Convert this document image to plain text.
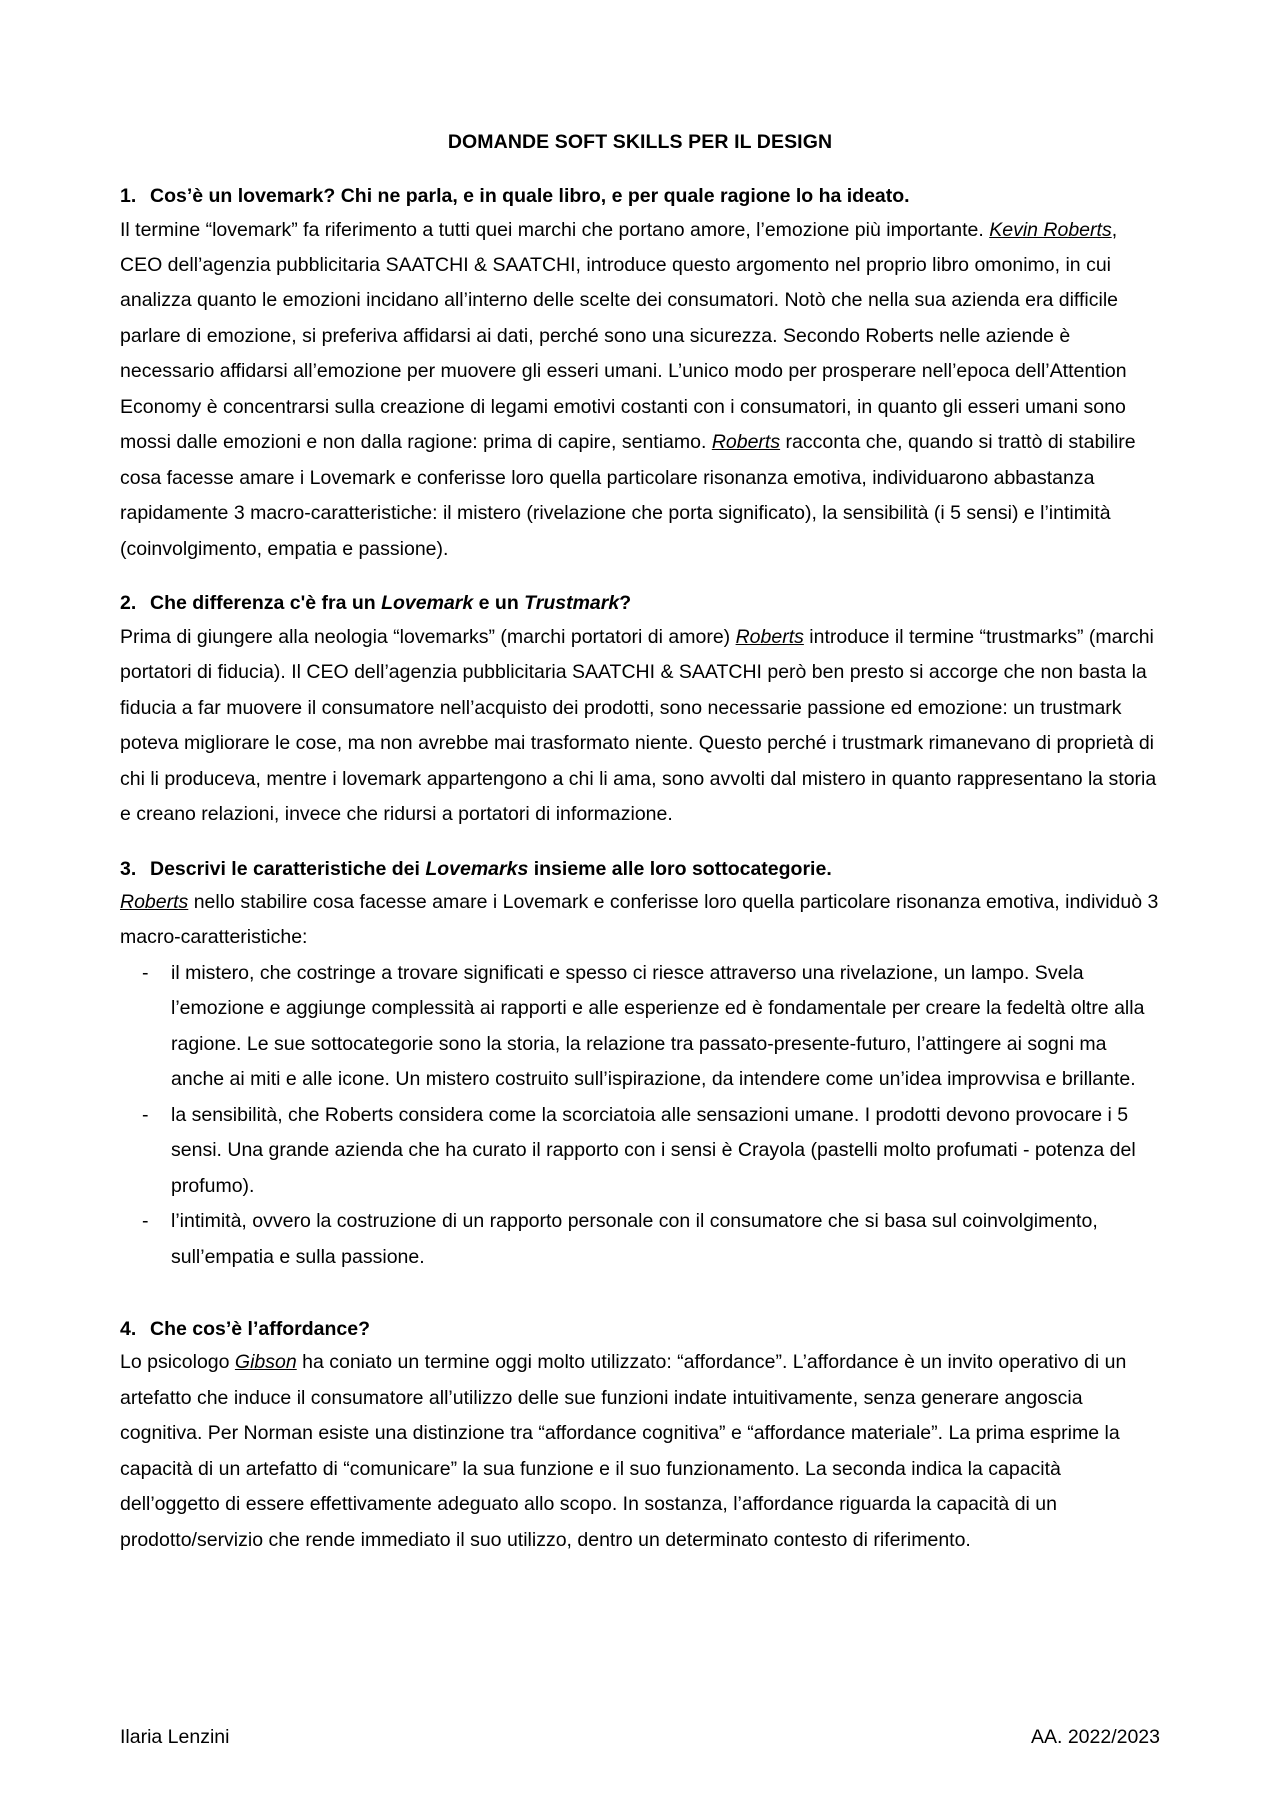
DOMANDE SOFT SKILLS PER IL DESIGN
1. Cos’è un lovemark? Chi ne parla, e in quale libro, e per quale ragione lo ha ideato.

Il termine “lovemark” fa riferimento a tutti quei marchi che portano amore, l’emozione più importante. Kevin Roberts, CEO dell’agenzia pubblicitaria SAATCHI & SAATCHI, introduce questo argomento nel proprio libro omonimo, in cui analizza quanto le emozioni incidano all’interno delle scelte dei consumatori. Notò che nella sua azienda era difficile parlare di emozione, si preferiva affidarsi ai dati, perché sono una sicurezza. Secondo Roberts nelle aziende è necessario affidarsi all’emozione per muovere gli esseri umani. L’unico modo per prosperare nell’epoca dell’Attention Economy è concentrarsi sulla creazione di legami emotivi costanti con i consumatori, in quanto gli esseri umani sono mossi dalle emozioni e non dalla ragione: prima di capire, sentiamo. Roberts racconta che, quando si trattò di stabilire cosa facesse amare i Lovemark e conferisse loro quella particolare risonanza emotiva, individuarono abbastanza rapidamente 3 macro-caratteristiche: il mistero (rivelazione che porta significato), la sensibilità (i 5 sensi) e l’intimità (coinvolgimento, empatia e passione).

2. Che differenza c'è fra un Lovemark e un Trustmark?

Prima di giungere alla neologia “lovemarks” (marchi portatori di amore) Roberts introduce il termine “trustmarks” (marchi portatori di fiducia). Il CEO dell’agenzia pubblicitaria SAATCHI & SAATCHI però ben presto si accorge che non basta la fiducia a far muovere il consumatore nell’acquisto dei prodotti, sono necessarie passione ed emozione: un trustmark poteva migliorare le cose, ma non avrebbe mai trasformato niente. Questo perché i trustmark rimanevano di proprietà di chi li produceva, mentre i lovemark appartengono a chi li ama, sono avvolti dal mistero in quanto rappresentano la storia e creano relazioni, invece che ridursi a portatori di informazione.

3. Descrivi le caratteristiche dei Lovemarks insieme alle loro sottocategorie.

Roberts nello stabilire cosa facesse amare i Lovemark e conferisse loro quella particolare risonanza emotiva, individuò 3 macro-caratteristiche:

- il mistero, che costringe a trovare significati e spesso ci riesce attraverso una rivelazione, un lampo. Svela l’emozione e aggiunge complessità ai rapporti e alle esperienze ed è fondamentale per creare la fedeltà oltre alla ragione. Le sue sottocategorie sono la storia, la relazione tra passato-presente-futuro, l’attingere ai sogni ma anche ai miti e alle icone. Un mistero costruito sull’ispirazione, da intendere come un’idea improvvisa e brillante.
- la sensibilità, che Roberts considera come la scorciatoia alle sensazioni umane. I prodotti devono provocare i 5 sensi. Una grande azienda che ha curato il rapporto con i sensi è Crayola (pastelli molto profumati - potenza del profumo).
- l’intimità, ovvero la costruzione di un rapporto personale con il consumatore che si basa sul coinvolgimento, sull’empatia e sulla passione.
4. Che cos’è l’affordance?

Lo psicologo Gibson ha coniato un termine oggi molto utilizzato: “affordance”. L’affordance è un invito operativo di un artefatto che induce il consumatore all’utilizzo delle sue funzioni indate intuitivamente, senza generare angoscia cognitiva. Per Norman esiste una distinzione tra “affordance cognitiva” e “affordance materiale”. La prima esprime la capacità di un artefatto di “comunicare” la sua funzione e il suo funzionamento. La seconda indica la capacità dell’oggetto di essere effettivamente adeguato allo scopo. In sostanza, l’affordance riguarda la capacità di un prodotto/servizio che rende immediato il suo utilizzo, dentro un determinato contesto di riferimento.

Ilaria Lenzini	AA. 2022/2023
